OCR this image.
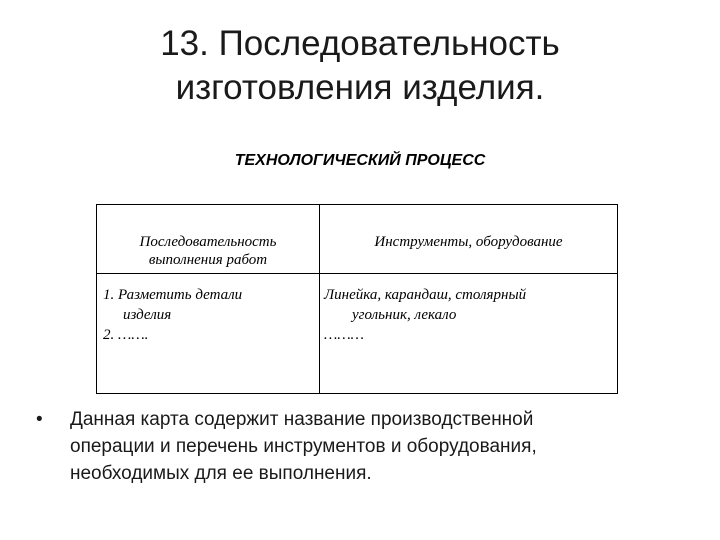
13. Последовательность
изготовления изделия.
ТЕХНОЛОГИЧЕСКИЙ ПРОЦЕСС
Последовательность
выполнения работ
Инструменты, оборудование
1. Разметить детали
изделия
2. …….
Линейка, карандаш, столярный
угольник, лекало
………
•	Данная карта содержит название производственной
операции и перечень инструментов и оборудования,
необходимых для ее выполнения.
